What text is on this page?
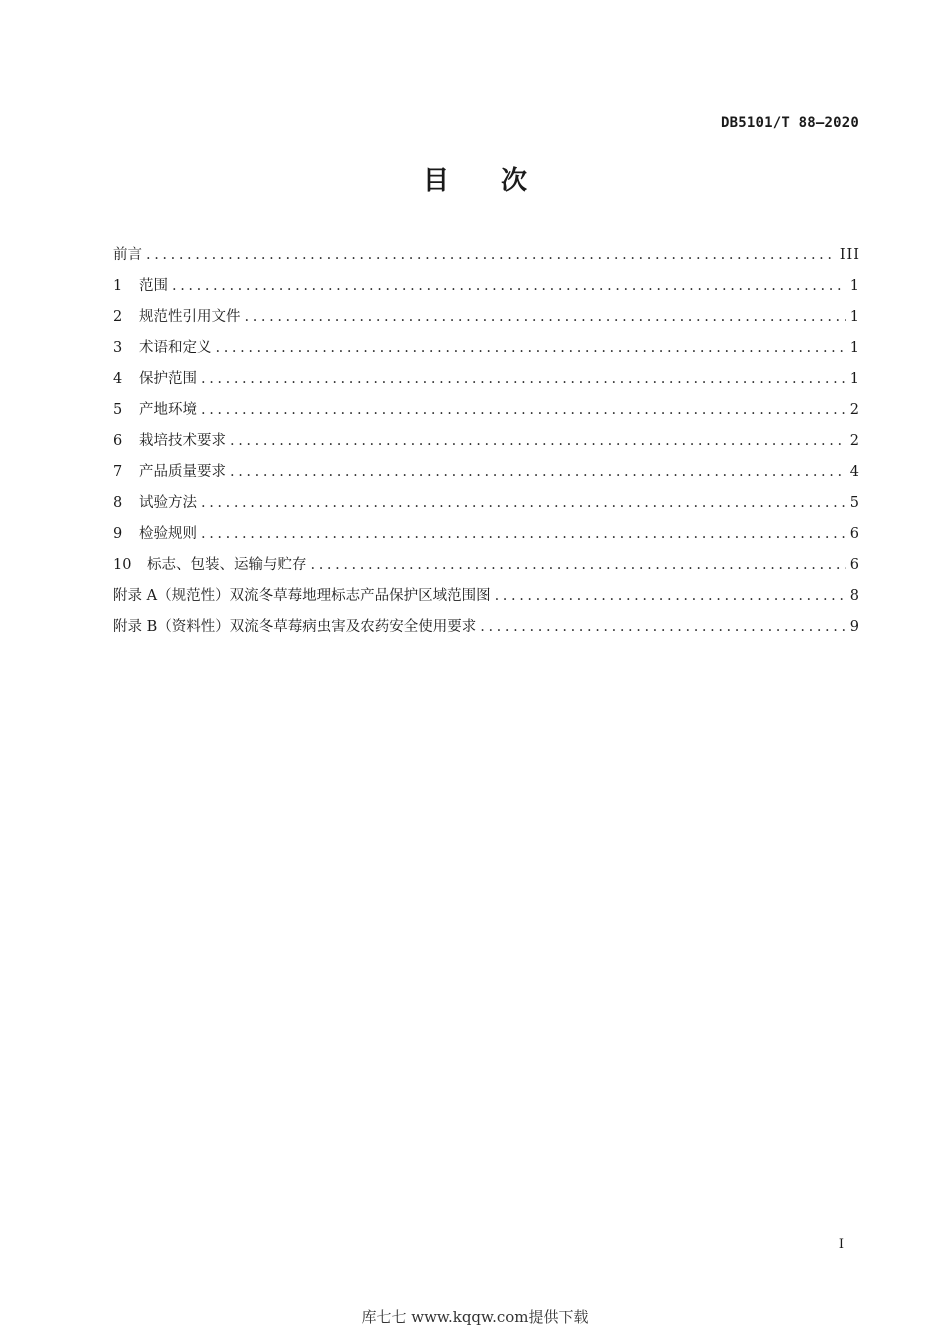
DB5101/T 88—2020
目次
前言 .....	III
1	范围 .....	1
2	规范性引用文件 .....	1
3	术语和定义 .....	1
4	保护范围 .....	1
5	产地环境 .....	2
6	栽培技术要求 .....	2
7	产品质量要求 .....	4
8	试验方法 .....	5
9	检验规则 .....	6
10	标志、包装、运输与贮存 .....	6
附录 A（规范性）双流冬草莓地理标志产品保护区域范围图 .....	8
附录 B（资料性）双流冬草莓病虫害及农药安全使用要求 .....	9
I
库七七 www.kqqw.com提供下载
